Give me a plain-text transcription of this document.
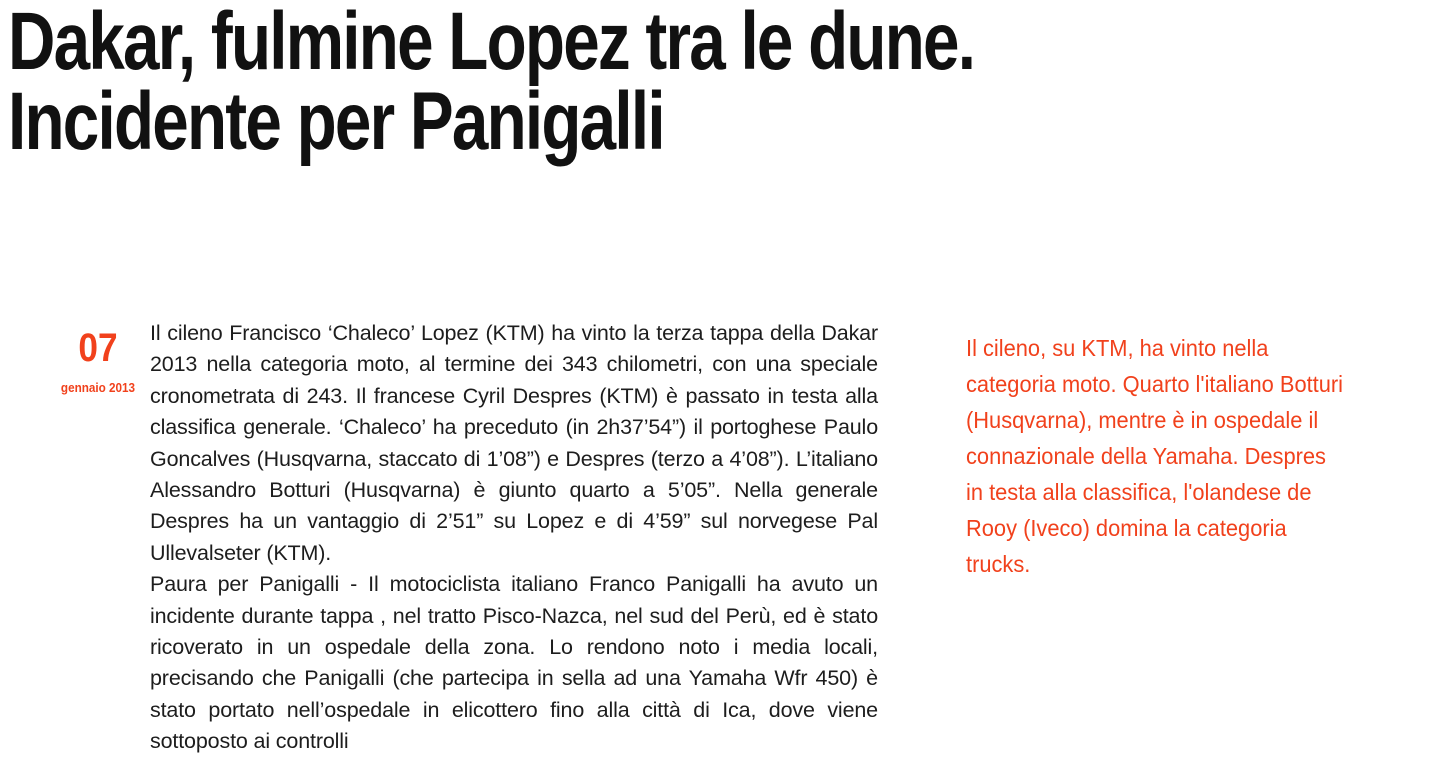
Dakar, fulmine Lopez tra le dune.
Incidente per Panigalli
07
gennaio 2013

Il cileno Francisco ‘Chaleco’ Lopez (KTM) ha vinto la terza tappa della Dakar 2013 nella categoria moto, al termine dei 343 chilometri, con una speciale cronometrata di 243. Il francese Cyril Despres (KTM) è passato in testa alla classifica generale. ‘Chaleco’ ha preceduto (in 2h37’54”) il portoghese Paulo Goncalves (Husqvarna, staccato di 1’08”) e Despres (terzo a 4’08”). L’italiano Alessandro Botturi (Husqvarna) è giunto quarto a 5’05”. Nella generale Despres ha un vantaggio di 2’51” su Lopez e di 4’59” sul norvegese Pal Ullevalseter (KTM).

Paura per Panigalli - Il motociclista italiano Franco Panigalli ha avuto un incidente durante tappa , nel tratto Pisco-Nazca, nel sud del Perù, ed è stato ricoverato in un ospedale della zona. Lo rendono noto i media locali, precisando che Panigalli (che partecipa in sella ad una Yamaha Wfr 450) è stato portato nell’ospedale in elicottero fino alla città di Ica, dove viene sottoposto ai controlli

Il cileno, su KTM, ha vinto nella categoria moto. Quarto l'italiano Botturi (Husqvarna), mentre è in ospedale il connazionale della Yamaha. Despres in testa alla classifica, l'olandese de Rooy (Iveco) domina la categoria trucks.
